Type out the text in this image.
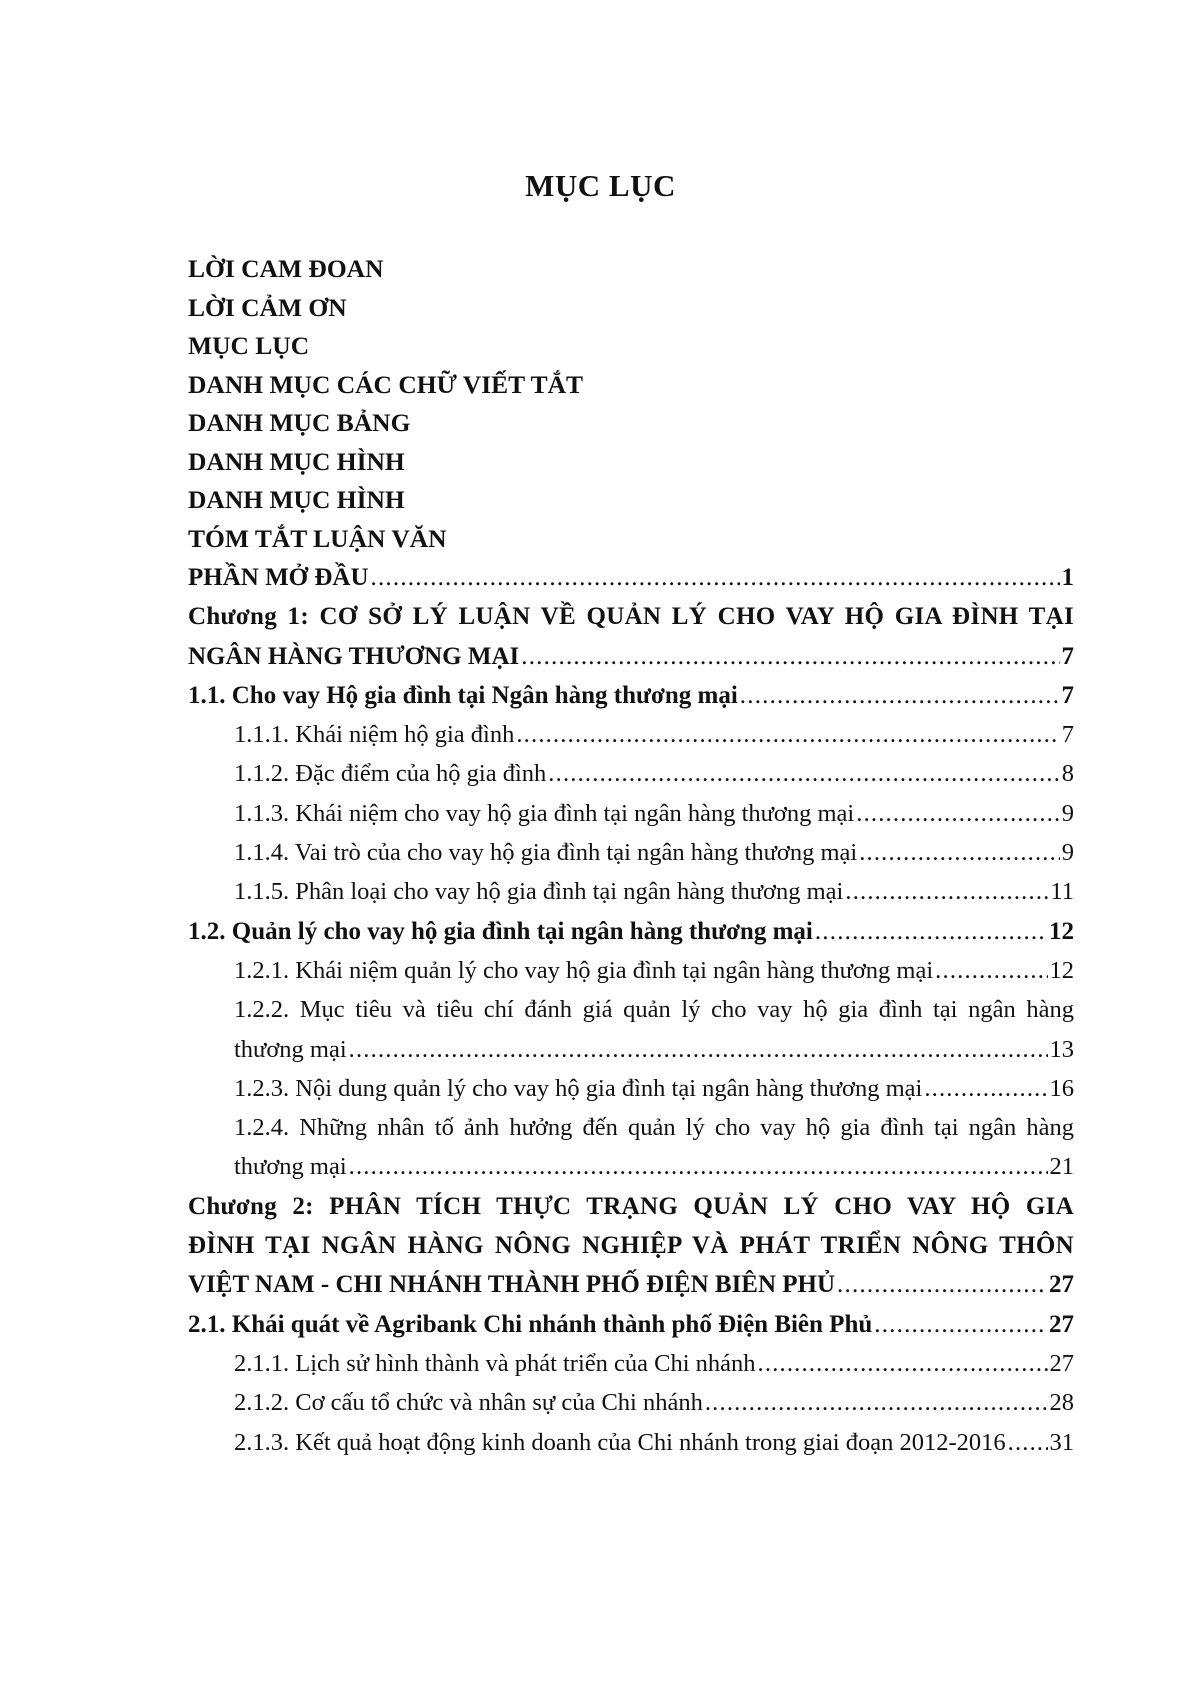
MỤC LỤC
LỜI CAM ĐOAN
LỜI CẢM ƠN
MỤC LỤC
DANH MỤC CÁC CHỮ VIẾT TẮT
DANH MỤC BẢNG
DANH MỤC HÌNH
DANH MỤC HÌNH
TÓM TẮT LUẬN VĂN
PHẦN MỞ ĐẦU .....	1
Chương 1: CƠ SỞ LÝ LUẬN VỀ QUẢN LÝ CHO VAY HỘ GIA ĐÌNH TẠI
NGÂN HÀNG THƯƠNG MẠI .....	7
1.1. Cho vay Hộ gia đình tại Ngân hàng thương mại .....	7
1.1.1. Khái niệm hộ gia đình .....	7
1.1.2. Đặc điểm của hộ gia đình .....	8
1.1.3. Khái niệm cho vay hộ gia đình tại ngân hàng thương mại .....	9
1.1.4. Vai trò của cho vay hộ gia đình tại ngân hàng thương mại .....	9
1.1.5. Phân loại cho vay hộ gia đình tại ngân hàng thương mại .....	11
1.2. Quản lý cho vay hộ gia đình tại ngân hàng thương mại .....	12
1.2.1. Khái niệm quản lý cho vay hộ gia đình tại ngân hàng thương mại .....	12
1.2.2. Mục tiêu và tiêu chí đánh giá quản lý cho vay hộ gia đình tại ngân hàng
thương mại .....	13
1.2.3. Nội dung quản lý cho vay hộ gia đình tại ngân hàng thương mại .....	16
1.2.4. Những nhân tố ảnh hưởng đến quản lý cho vay hộ gia đình tại ngân hàng
thương mại .....	21
Chương 2: PHÂN TÍCH THỰC TRẠNG QUẢN LÝ CHO VAY HỘ GIA
ĐÌNH TẠI NGÂN HÀNG NÔNG NGHIỆP VÀ PHÁT TRIỂN NÔNG THÔN
VIỆT NAM - CHI NHÁNH THÀNH PHỐ ĐIỆN BIÊN PHỦ .....	27
2.1. Khái quát về Agribank Chi nhánh thành phố Điện Biên Phủ .....	27
2.1.1. Lịch sử hình thành và phát triển của Chi nhánh .....	27
2.1.2. Cơ cấu tổ chức và nhân sự của Chi nhánh .....	28
2.1.3. Kết quả hoạt động kinh doanh của Chi nhánh trong giai đoạn 2012-2016 ..... 31
